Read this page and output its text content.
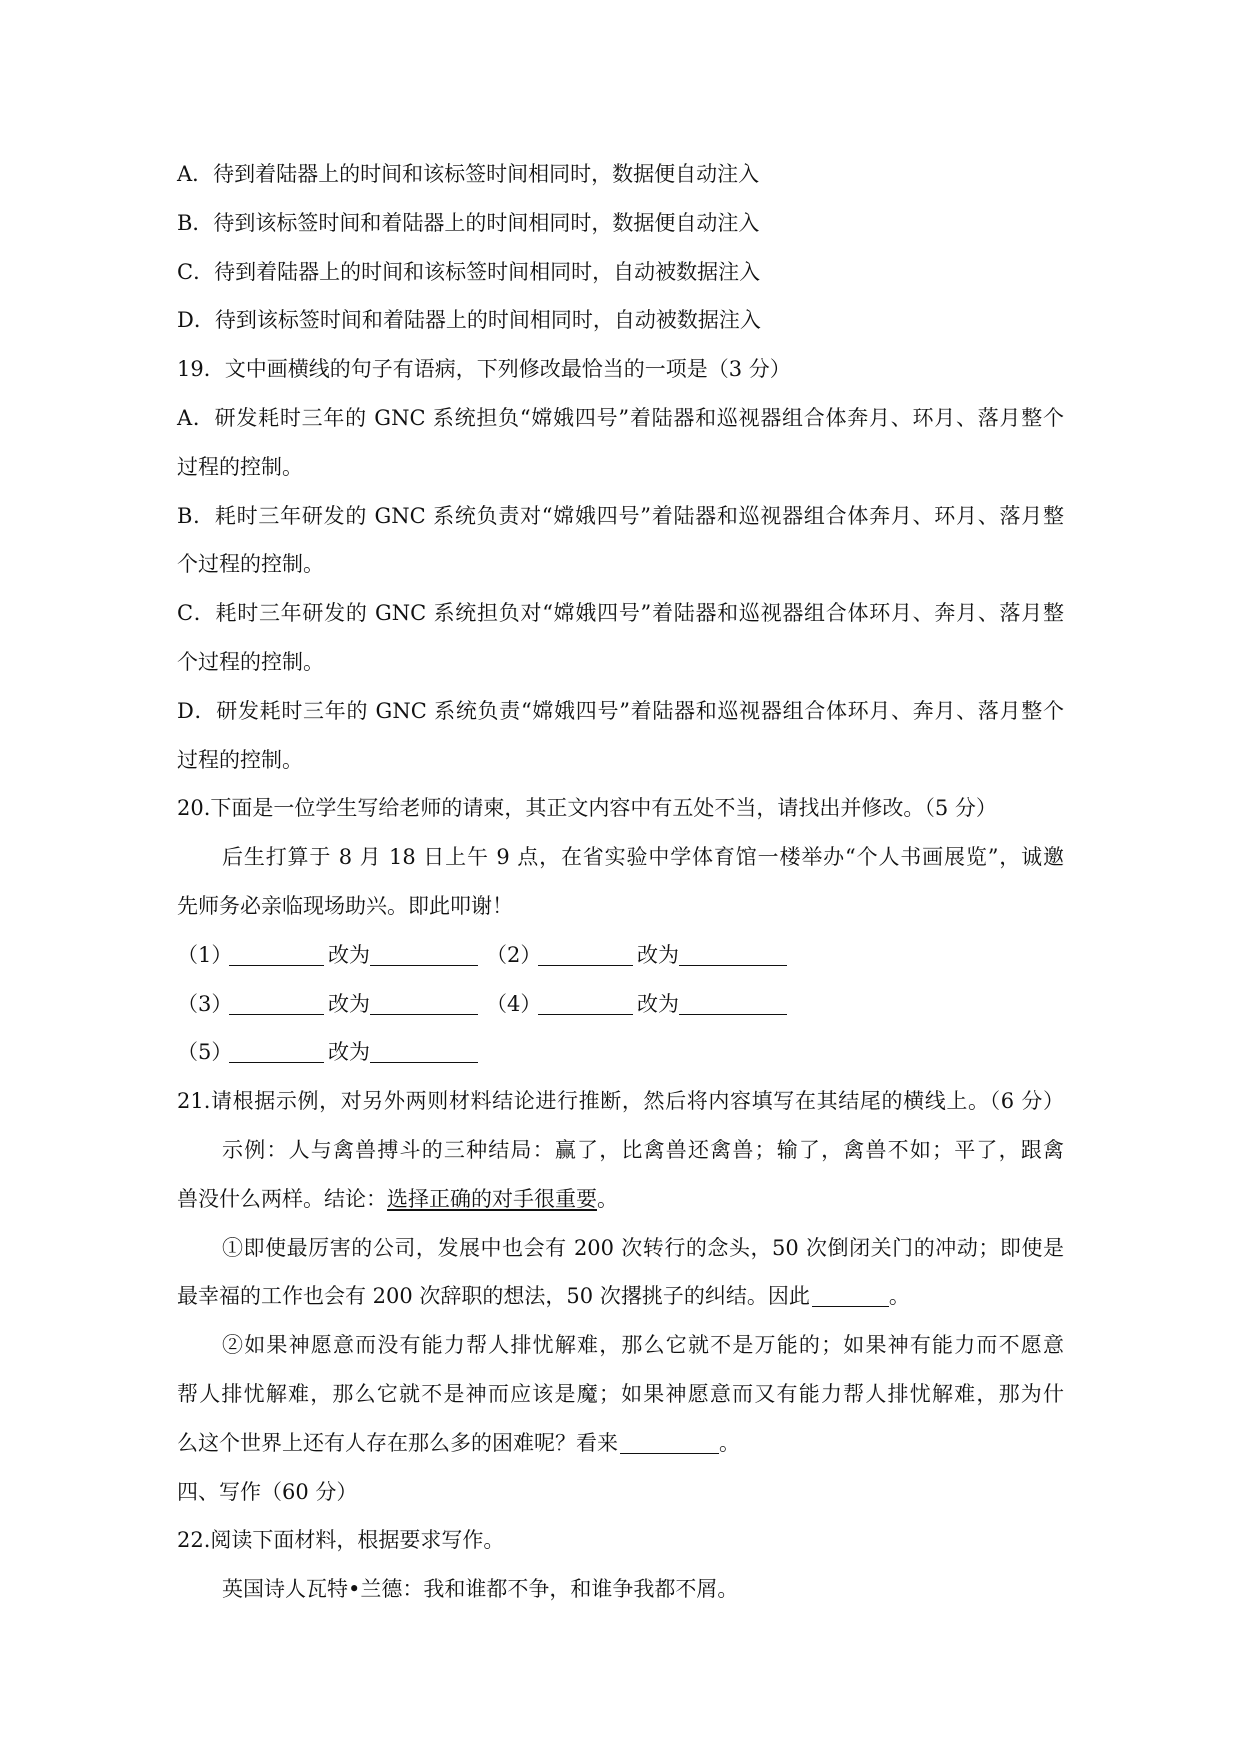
A．待到着陆器上的时间和该标签时间相同时，数据便自动注入
B．待到该标签时间和着陆器上的时间相同时，数据便自动注入
C．待到着陆器上的时间和该标签时间相同时，自动被数据注入
D．待到该标签时间和着陆器上的时间相同时，自动被数据注入
19．文中画横线的句子有语病，下列修改最恰当的一项是（3 分）
A．研发耗时三年的 GNC 系统担负“嫦娥四号”着陆器和巡视器组合体奔月、环月、落月整个
过程的控制。
B．耗时三年研发的 GNC 系统负责对“嫦娥四号”着陆器和巡视器组合体奔月、环月、落月整
个过程的控制。
C．耗时三年研发的 GNC 系统担负对“嫦娥四号”着陆器和巡视器组合体环月、奔月、落月整
个过程的控制。
D．研发耗时三年的 GNC 系统负责“嫦娥四号”着陆器和巡视器组合体环月、奔月、落月整个
过程的控制。
20.下面是一位学生写给老师的请柬，其正文内容中有五处不当，请找出并修改。（5 分）
后生打算于 8 月 18 日上午 9 点，在省实验中学体育馆一楼举办“个人书画展览”，诚邀
先师务必亲临现场助兴。即此叩谢！
（1）	改为	（2）	改为
（3）	改为	（4）	改为
（5）	改为
21.请根据示例，对另外两则材料结论进行推断，然后将内容填写在其结尾的横线上。（6 分）
示例：人与禽兽搏斗的三种结局：赢了，比禽兽还禽兽；输了，禽兽不如；平了，跟禽
兽没什么两样。结论：选择正确的对手很重要。
①即使最厉害的公司，发展中也会有 200 次转行的念头，50 次倒闭关门的冲动；即使是
最幸福的工作也会有 200 次辞职的想法，50 次撂挑子的纠结。因此	。
②如果神愿意而没有能力帮人排忧解难，那么它就不是万能的；如果神有能力而不愿意
帮人排忧解难，那么它就不是神而应该是魔；如果神愿意而又有能力帮人排忧解难，那为什
么这个世界上还有人存在那么多的困难呢？看来	。
四、写作（60 分）
22.阅读下面材料，根据要求写作。
英国诗人瓦特•兰德：我和谁都不争，和谁争我都不屑。
